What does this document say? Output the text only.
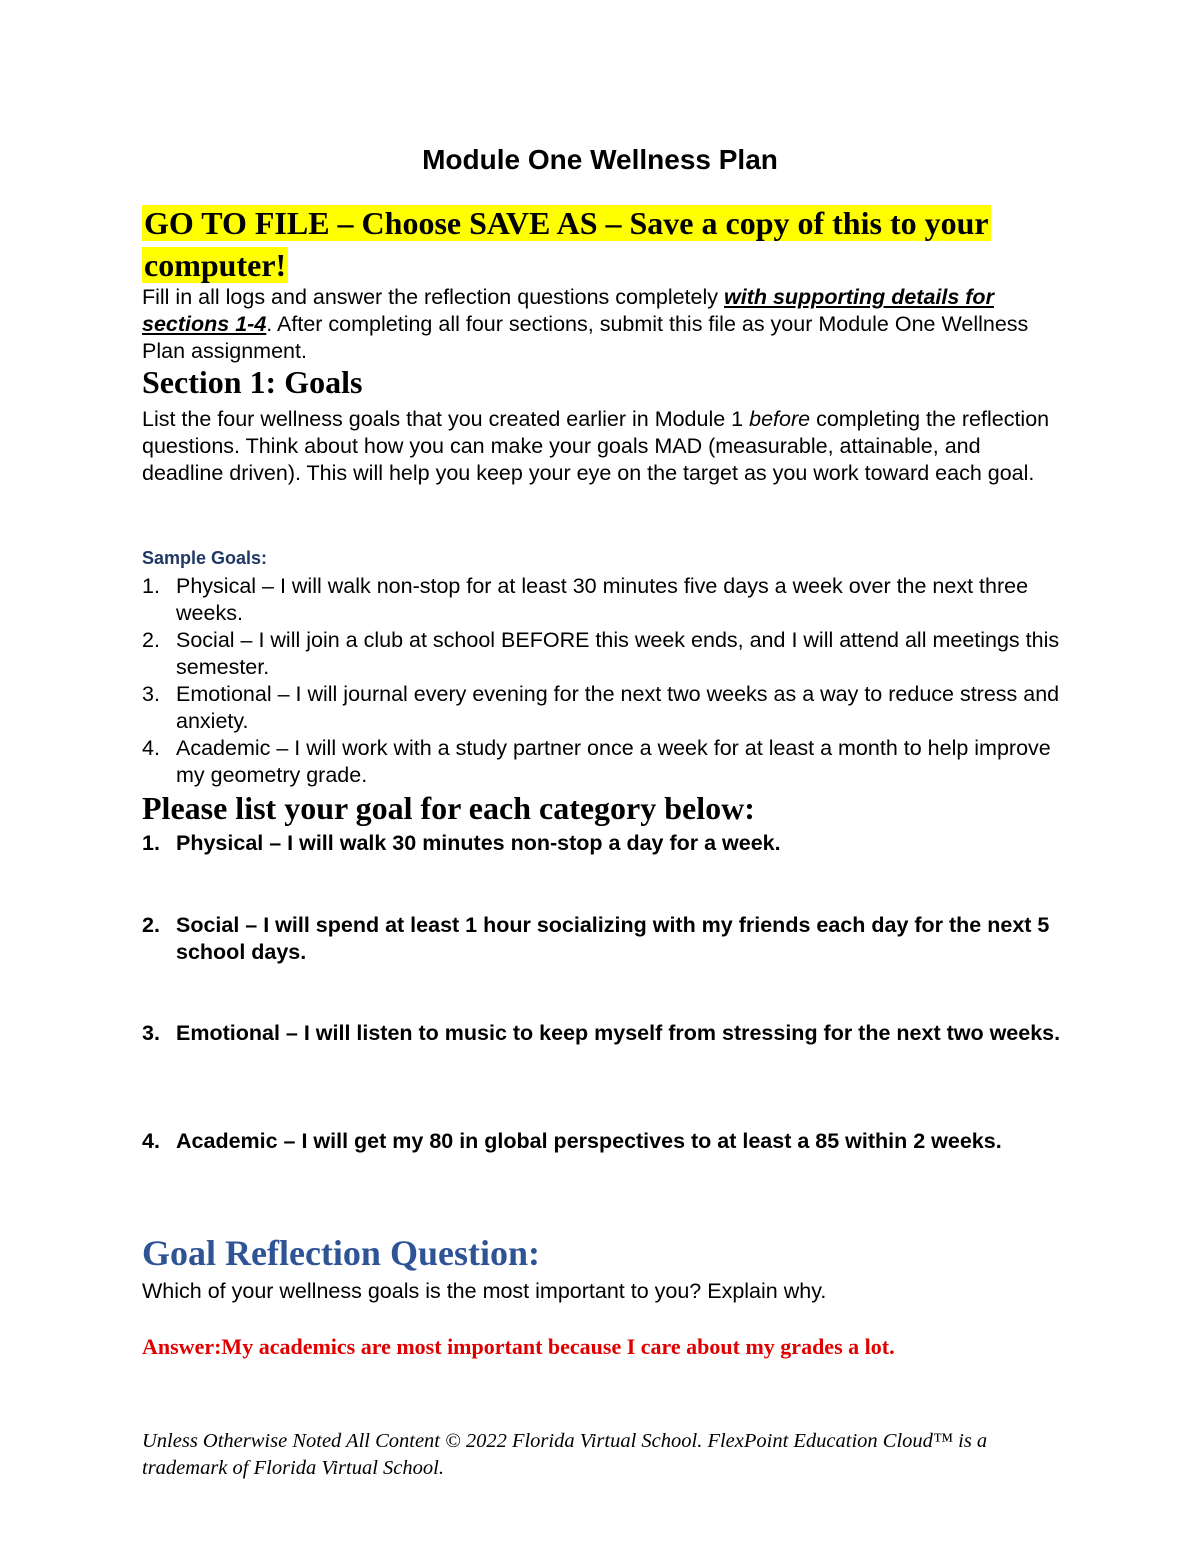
Module One Wellness Plan
GO TO FILE – Choose SAVE AS – Save a copy of this to your computer!
Fill in all logs and answer the reflection questions completely with supporting details for sections 1-4. After completing all four sections, submit this file as your Module One Wellness Plan assignment.
Section 1: Goals
List the four wellness goals that you created earlier in Module 1 before completing the reflection questions. Think about how you can make your goals MAD (measurable, attainable, and deadline driven). This will help you keep your eye on the target as you work toward each goal.
Sample Goals:
1. Physical – I will walk non-stop for at least 30 minutes five days a week over the next three weeks.
2. Social – I will join a club at school BEFORE this week ends, and I will attend all meetings this semester.
3. Emotional – I will journal every evening for the next two weeks as a way to reduce stress and anxiety.
4. Academic – I will work with a study partner once a week for at least a month to help improve my geometry grade.
Please list your goal for each category below:
1. Physical – I will walk 30 minutes non-stop a day for a week.
2. Social – I will spend at least 1 hour socializing with my friends each day for the next 5 school days.
3. Emotional – I will listen to music to keep myself from stressing for the next two weeks.
4. Academic – I will get my 80 in global perspectives to at least a 85 within 2 weeks.
Goal Reflection Question:
Which of your wellness goals is the most important to you? Explain why.
Answer:My academics are most important because I care about my grades a lot.
Unless Otherwise Noted All Content © 2022 Florida Virtual School. FlexPoint Education Cloud™ is a trademark of Florida Virtual School.
